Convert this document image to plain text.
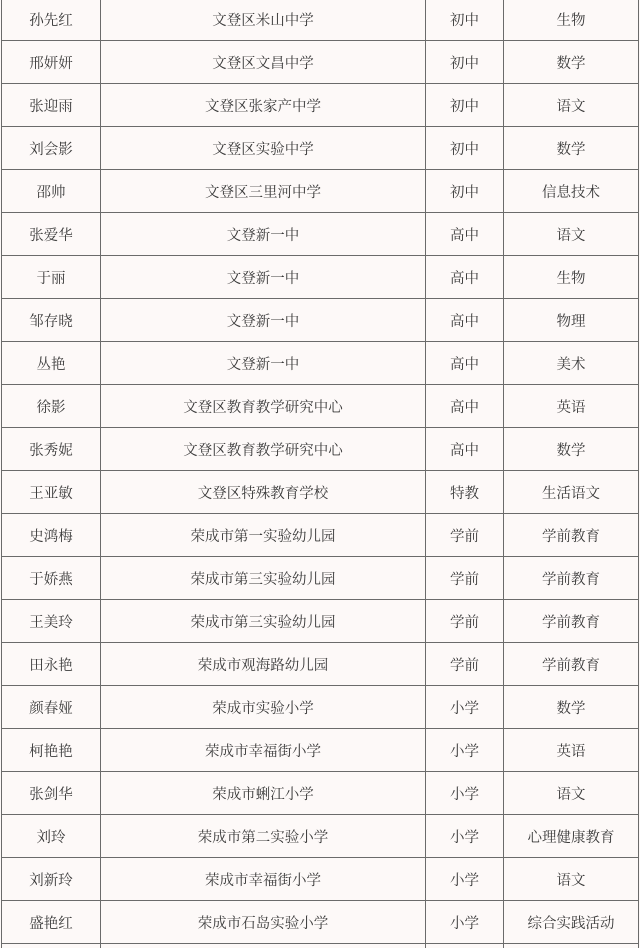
孙先红	文登区米山中学	初中	生物
邢妍妍	文登区文昌中学	初中	数学
张迎雨	文登区张家产中学	初中	语文
刘会影	文登区实验中学	初中	数学
邵帅	文登区三里河中学	初中	信息技术
张爱华	文登新一中	高中	语文
于丽	文登新一中	高中	生物
邹存晓	文登新一中	高中	物理
丛艳	文登新一中	高中	美术
徐影	文登区教育教学研究中心	高中	英语
张秀妮	文登区教育教学研究中心	高中	数学
王亚敏	文登区特殊教育学校	特教	生活语文
史鸿梅	荣成市第一实验幼儿园	学前	学前教育
于娇燕	荣成市第三实验幼儿园	学前	学前教育
王美玲	荣成市第三实验幼儿园	学前	学前教育
田永艳	荣成市观海路幼儿园	学前	学前教育
颜春娅	荣成市实验小学	小学	数学
柯艳艳	荣成市幸福街小学	小学	英语
张剑华	荣成市蜊江小学	小学	语文
刘玲	荣成市第二实验小学	小学	心理健康教育
刘新玲	荣成市幸福街小学	小学	语文
盛艳红	荣成市石岛实验小学	小学	综合实践活动
